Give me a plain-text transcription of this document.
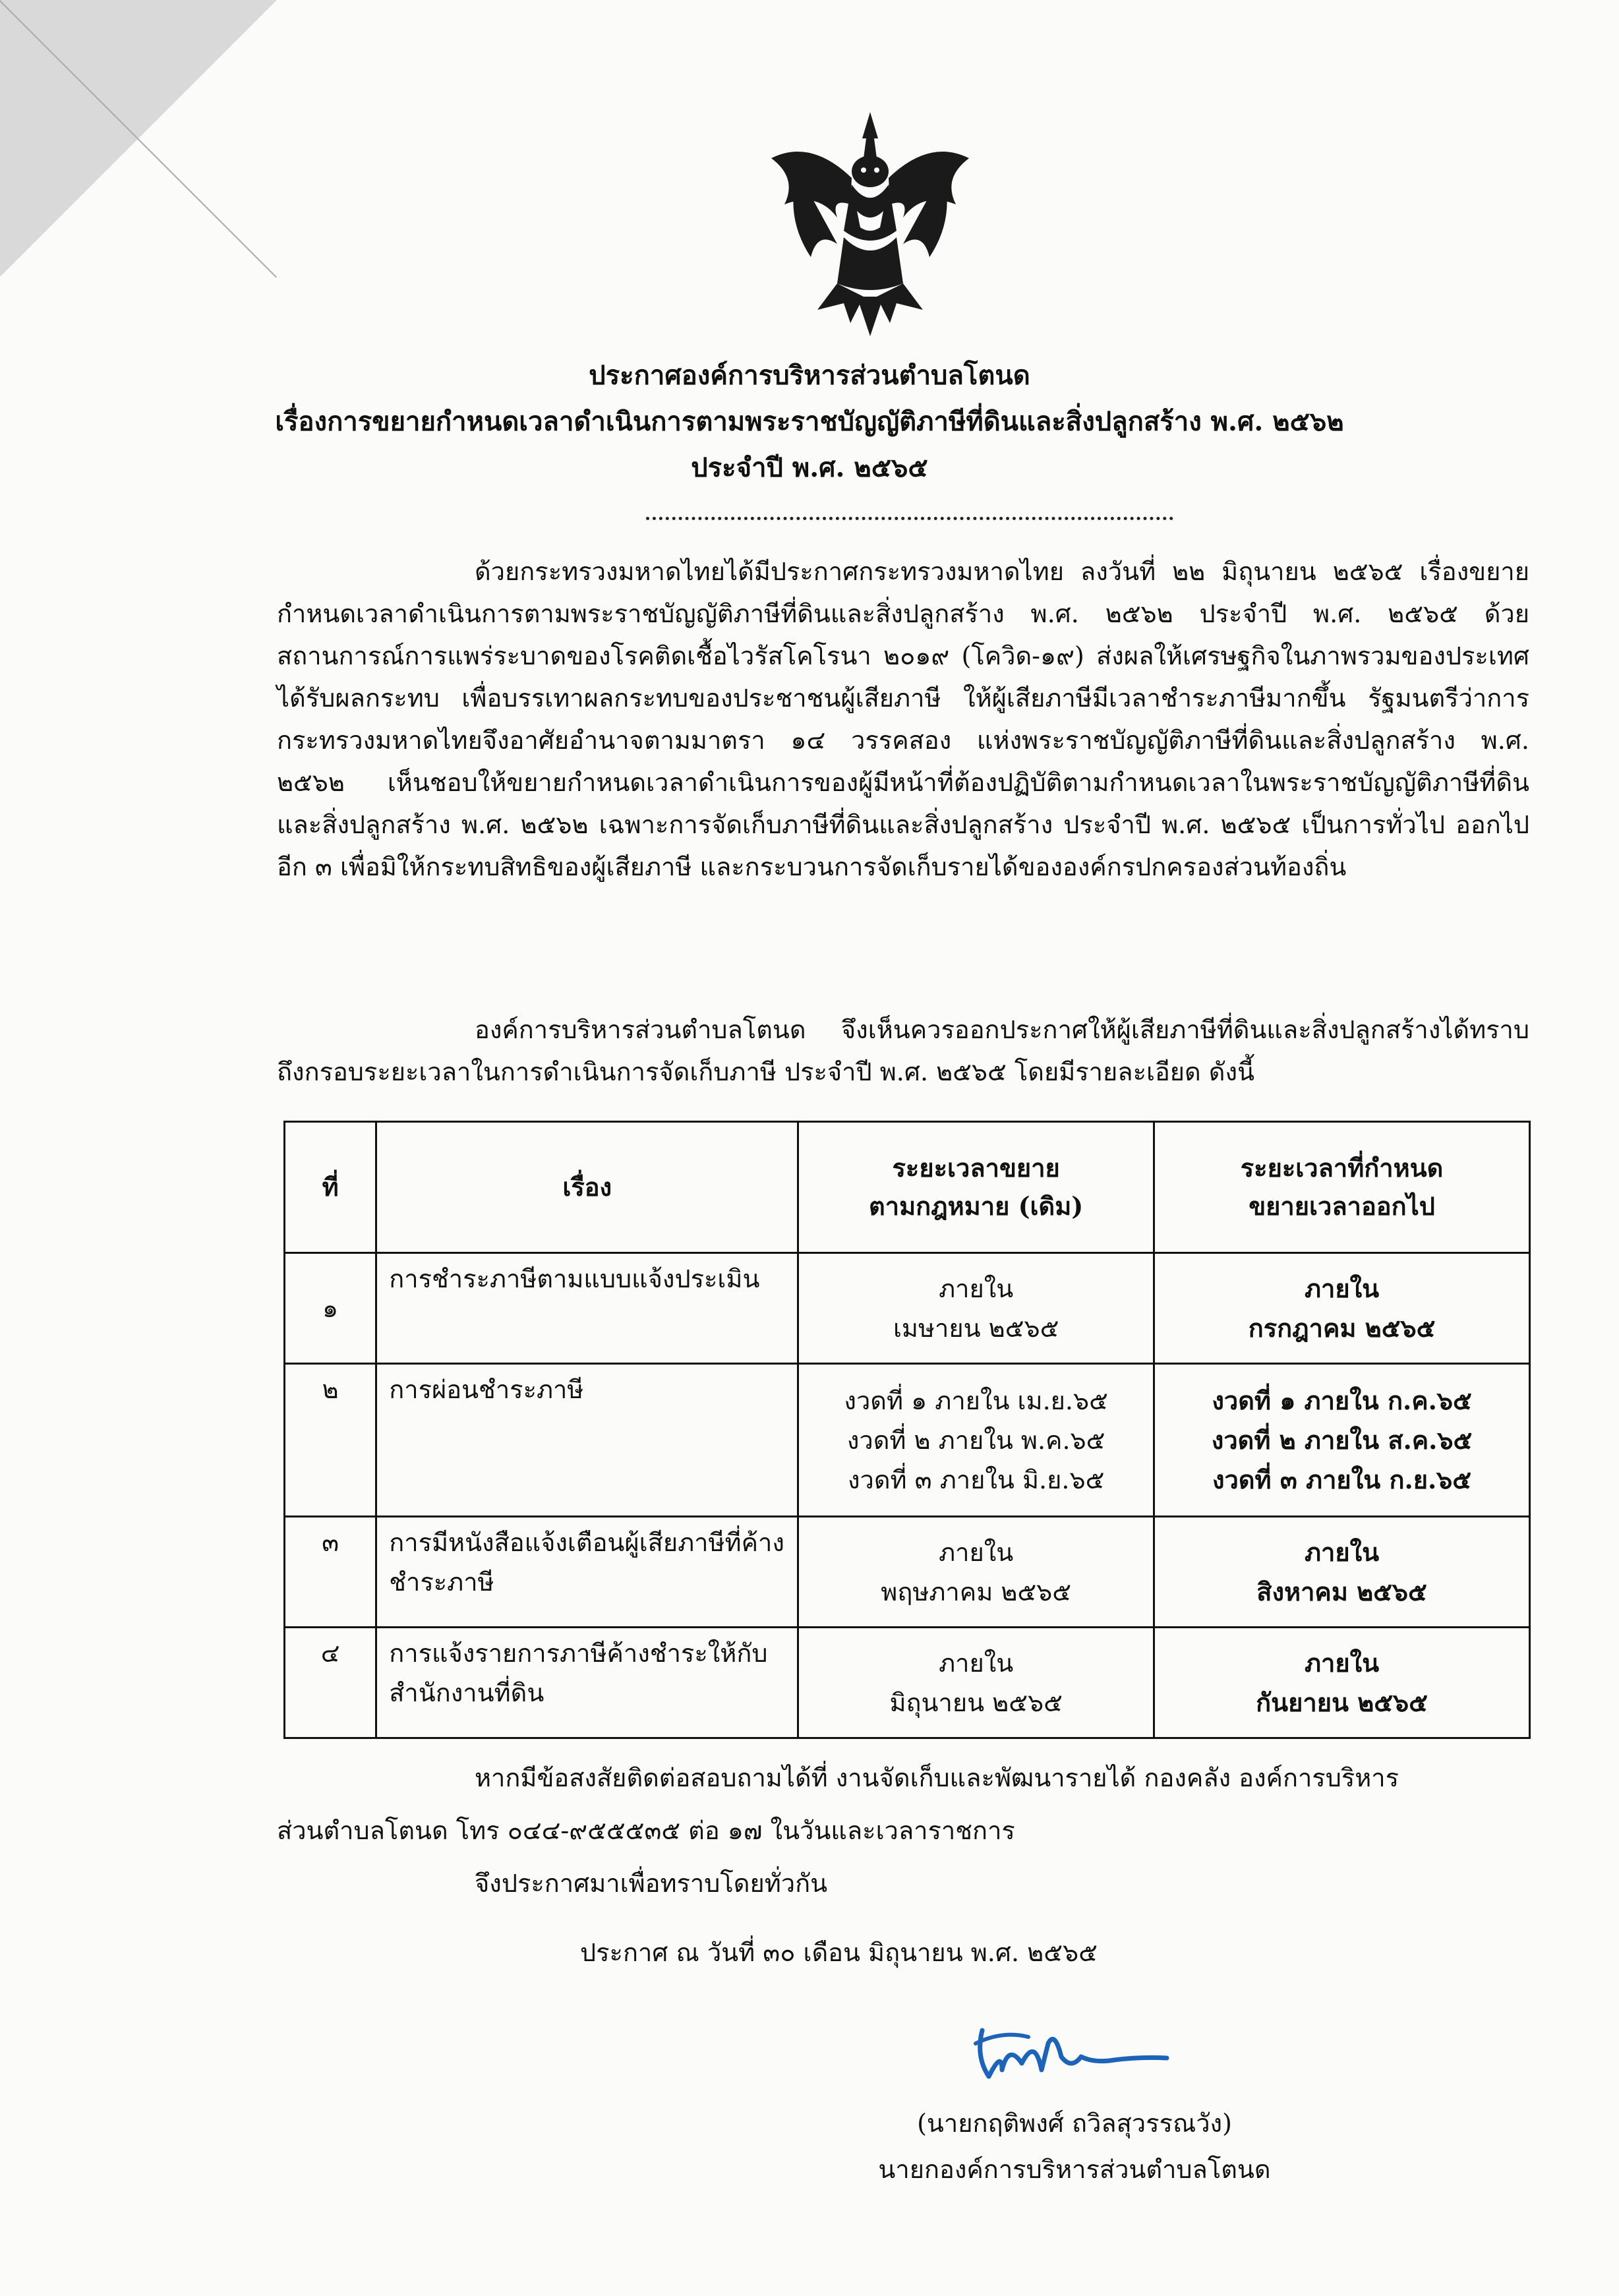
ประกาศองค์การบริหารส่วนตำบลโตนด
เรื่องการขยายกำหนดเวลาดำเนินการตามพระราชบัญญัติภาษีที่ดินและสิ่งปลูกสร้าง พ.ศ. ๒๕๖๒
ประจำปี พ.ศ. ๒๕๖๕
ด้วยกระทรวงมหาดไทยได้มีประกาศกระทรวงมหาดไทย ลงวันที่ ๒๒ มิถุนายน ๒๕๖๕ เรื่องขยายกำหนดเวลาดำเนินการตามพระราชบัญญัติภาษีที่ดินและสิ่งปลูกสร้าง พ.ศ. ๒๕๖๒ ประจำปี พ.ศ. ๒๕๖๕ ด้วยสถานการณ์การแพร่ระบาดของโรคติดเชื้อไวรัสโคโรนา ๒๐๑๙ (โควิด-๑๙) ส่งผลให้เศรษฐกิจในภาพรวมของประเทศได้รับผลกระทบ เพื่อบรรเทาผลกระทบของประชาชนผู้เสียภาษี ให้ผู้เสียภาษีมีเวลาชำระภาษีมากขึ้น รัฐมนตรีว่าการกระทรวงมหาดไทยจึงอาศัยอำนาจตามมาตรา ๑๔ วรรคสอง แห่งพระราชบัญญัติภาษีที่ดินและสิ่งปลูกสร้าง พ.ศ. ๒๕๖๒ เห็นชอบให้ขยายกำหนดเวลาดำเนินการของผู้มีหน้าที่ต้องปฏิบัติตามกำหนดเวลาในพระราชบัญญัติภาษีที่ดินและสิ่งปลูกสร้าง พ.ศ. ๒๕๖๒ เฉพาะการจัดเก็บภาษีที่ดินและสิ่งปลูกสร้าง ประจำปี พ.ศ. ๒๕๖๕ เป็นการทั่วไป ออกไปอีก ๓ เพื่อมิให้กระทบสิทธิของผู้เสียภาษี และกระบวนการจัดเก็บรายได้ขององค์กรปกครองส่วนท้องถิ่น
องค์การบริหารส่วนตำบลโตนด จึงเห็นควรออกประกาศให้ผู้เสียภาษีที่ดินและสิ่งปลูกสร้างได้ทราบถึงกรอบระยะเวลาในการดำเนินการจัดเก็บภาษี ประจำปี พ.ศ. ๒๕๖๕ โดยมีรายละเอียด ดังนี้
ที่	เรื่อง	ระยะเวลาขยาย
ตามกฎหมาย (เดิม)	ระยะเวลาที่กำหนด
ขยายเวลาออกไป

๑	การชำระภาษีตามแบบแจ้งประเมิน	ภายใน
เมษายน ๒๕๖๕	ภายใน
กรกฎาคม ๒๕๖๕

๒	การผ่อนชำระภาษี	งวดที่ ๑ ภายใน เม.ย.๖๕
งวดที่ ๒ ภายใน พ.ค.๖๕
งวดที่ ๓ ภายใน มิ.ย.๖๕	งวดที่ ๑ ภายใน ก.ค.๖๕
งวดที่ ๒ ภายใน ส.ค.๖๕
งวดที่ ๓ ภายใน ก.ย.๖๕

๓	การมีหนังสือแจ้งเตือนผู้เสียภาษีที่ค้าง
ชำระภาษี	ภายใน
พฤษภาคม ๒๕๖๕	ภายใน
สิงหาคม ๒๕๖๕

๔	การแจ้งรายการภาษีค้างชำระให้กับ
สำนักงานที่ดิน	ภายใน
มิถุนายน ๒๕๖๕	ภายใน
กันยายน ๒๕๖๕
หากมีข้อสงสัยติดต่อสอบถามได้ที่ งานจัดเก็บและพัฒนารายได้ กองคลัง องค์การบริหาร
ส่วนตำบลโตนด โทร ๐๔๔-๙๕๕๕๓๕ ต่อ ๑๗ ในวันและเวลาราชการ
จึงประกาศมาเพื่อทราบโดยทั่วกัน
ประกาศ ณ วันที่ ๓๐ เดือน มิถุนายน พ.ศ. ๒๕๖๕
(นายกฤติพงศ์ ถวิลสุวรรณวัง)
นายกองค์การบริหารส่วนตำบลโตนด
